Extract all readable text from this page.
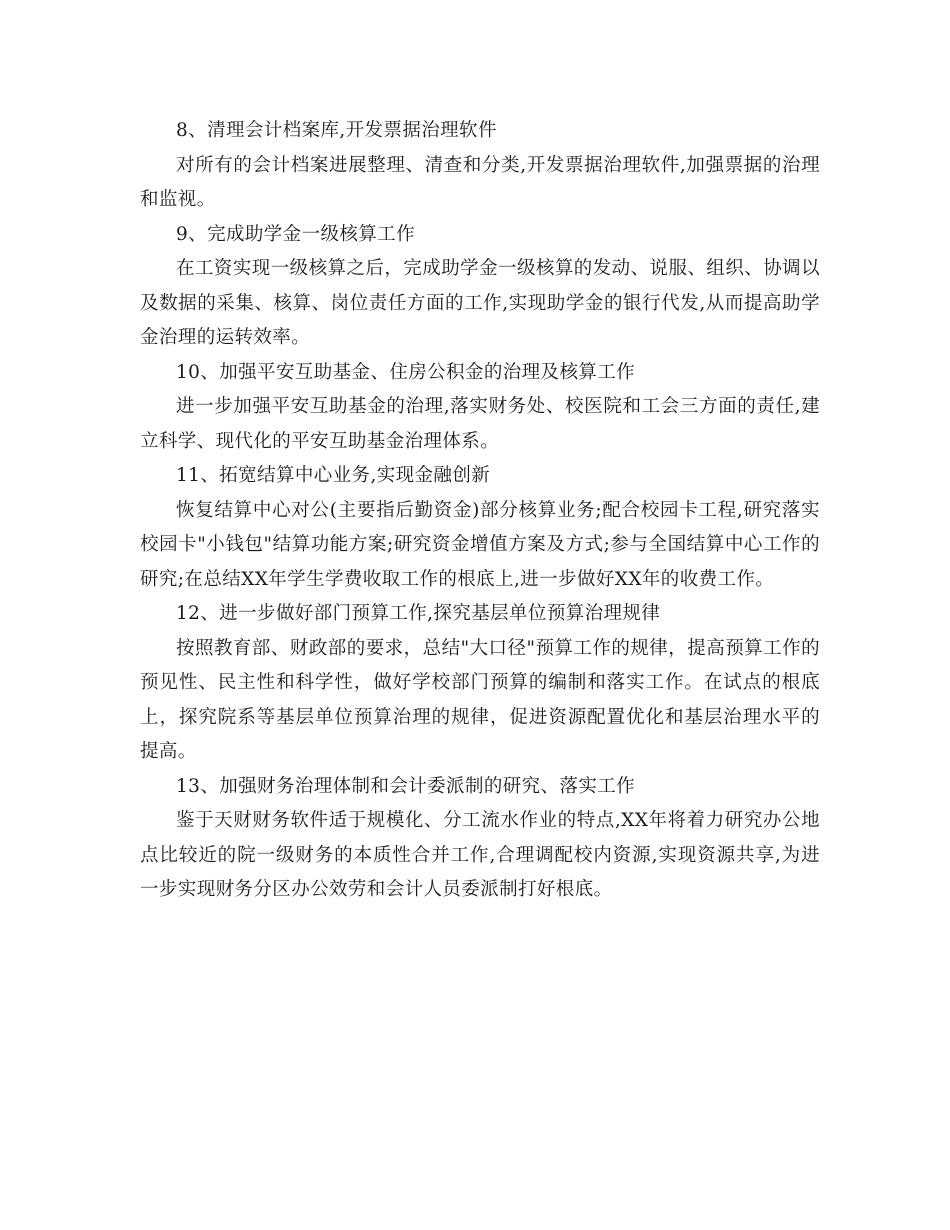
8、清理会计档案库,开发票据治理软件

对所有的会计档案进展整理、清查和分类,开发票据治理软件,加强票据的治理和监视。

9、完成助学金一级核算工作

在工资实现一级核算之后，完成助学金一级核算的发动、说服、组织、协调以及数据的采集、核算、岗位责任方面的工作,实现助学金的银行代发,从而提高助学金治理的运转效率。

10、加强平安互助基金、住房公积金的治理及核算工作

进一步加强平安互助基金的治理,落实财务处、校医院和工会三方面的责任,建立科学、现代化的平安互助基金治理体系。

11、拓宽结算中心业务,实现金融创新

恢复结算中心对公(主要指后勤资金)部分核算业务;配合校园卡工程,研究落实校园卡"小钱包"结算功能方案;研究资金增值方案及方式;参与全国结算中心工作的研究;在总结XX年学生学费收取工作的根底上,进一步做好XX年的收费工作。

12、进一步做好部门预算工作,探究基层单位预算治理规律

按照教育部、财政部的要求，总结"大口径"预算工作的规律，提高预算工作的预见性、民主性和科学性，做好学校部门预算的编制和落实工作。在试点的根底上，探究院系等基层单位预算治理的规律，促进资源配置优化和基层治理水平的提高。

13、加强财务治理体制和会计委派制的研究、落实工作

鉴于天财财务软件适于规模化、分工流水作业的特点,XX年将着力研究办公地点比较近的院一级财务的本质性合并工作,合理调配校内资源,实现资源共享,为进一步实现财务分区办公效劳和会计人员委派制打好根底。
